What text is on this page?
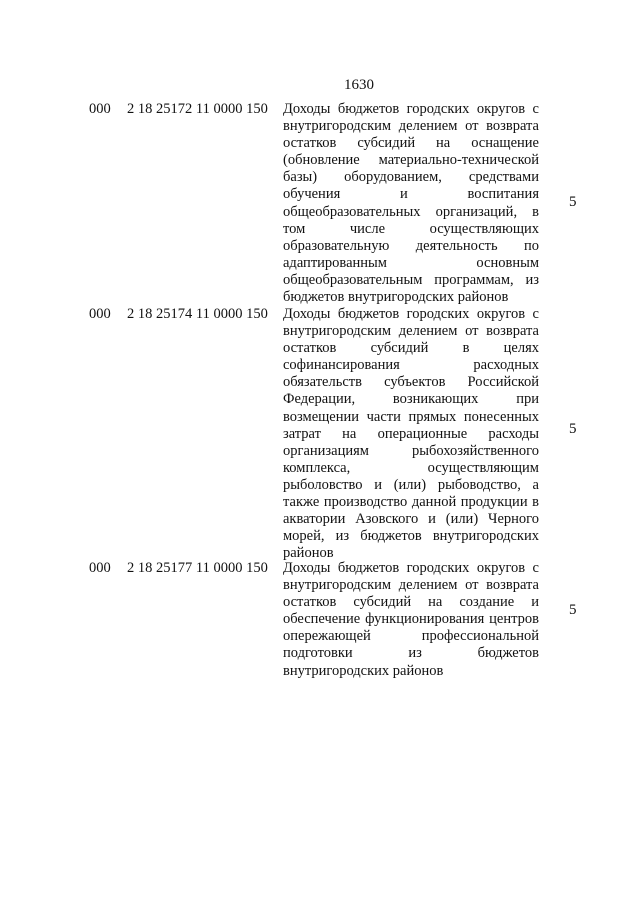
1630
000 2 18 25172 11 0000 150 Доходы бюджетов городских округов с
внутригородским делением от возврата
остатков субсидий на оснащение
(обновление материально-технической
базы) оборудованием, средствами
обучения и воспитания
общеобразовательных организаций, в
том числе осуществляющих
образовательную деятельность по
адаптированным основным
общеобразовательным программам, из
бюджетов внутригородских районов
5
000 2 18 25174 11 0000 150 Доходы бюджетов городских округов с
внутригородским делением от возврата
остатков субсидий в целях
софинансирования расходных
обязательств субъектов Российской
Федерации, возникающих при
возмещении части прямых понесенных
затрат на операционные расходы
организациям рыбохозяйственного
комплекса, осуществляющим
рыболовство и (или) рыбоводство, а
также производство данной продукции в
акватории Азовского и (или) Черного
морей, из бюджетов внутригородских
районов
5
000 2 18 25177 11 0000 150 Доходы бюджетов городских округов с
внутригородским делением от возврата
остатков субсидий на создание и
обеспечение функционирования центров
опережающей профессиональной
подготовки из бюджетов
внутригородских районов
5
